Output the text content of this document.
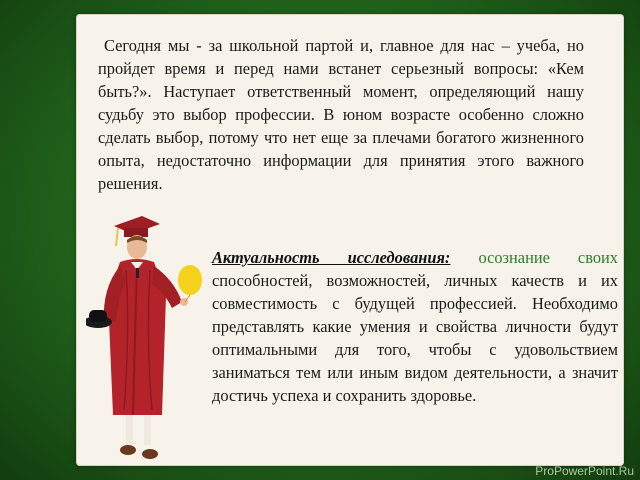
Сегодня мы - за школьной партой и, главное для нас – учеба, но пройдет время и перед нами встанет серьезный вопросы: «Кем быть?». Наступает ответственный момент, определяющий нашу судьбу это выбор профессии. В юном возрасте особенно сложно сделать выбор, потому что нет еще за плечами богатого жизненного опыта, недостаточно информации для принятия этого важного решения.

Актуальность исследования: осознание своих способностей, возможностей, личных качеств и их совместимость с будущей профессией. Необходимо представлять какие умения и свойства личности будут оптимальными для того, чтобы с удовольствием заниматься тем или иным видом деятельности, а значит достичь успеха и сохранить здоровье.

ProPowerPoint.Ru
